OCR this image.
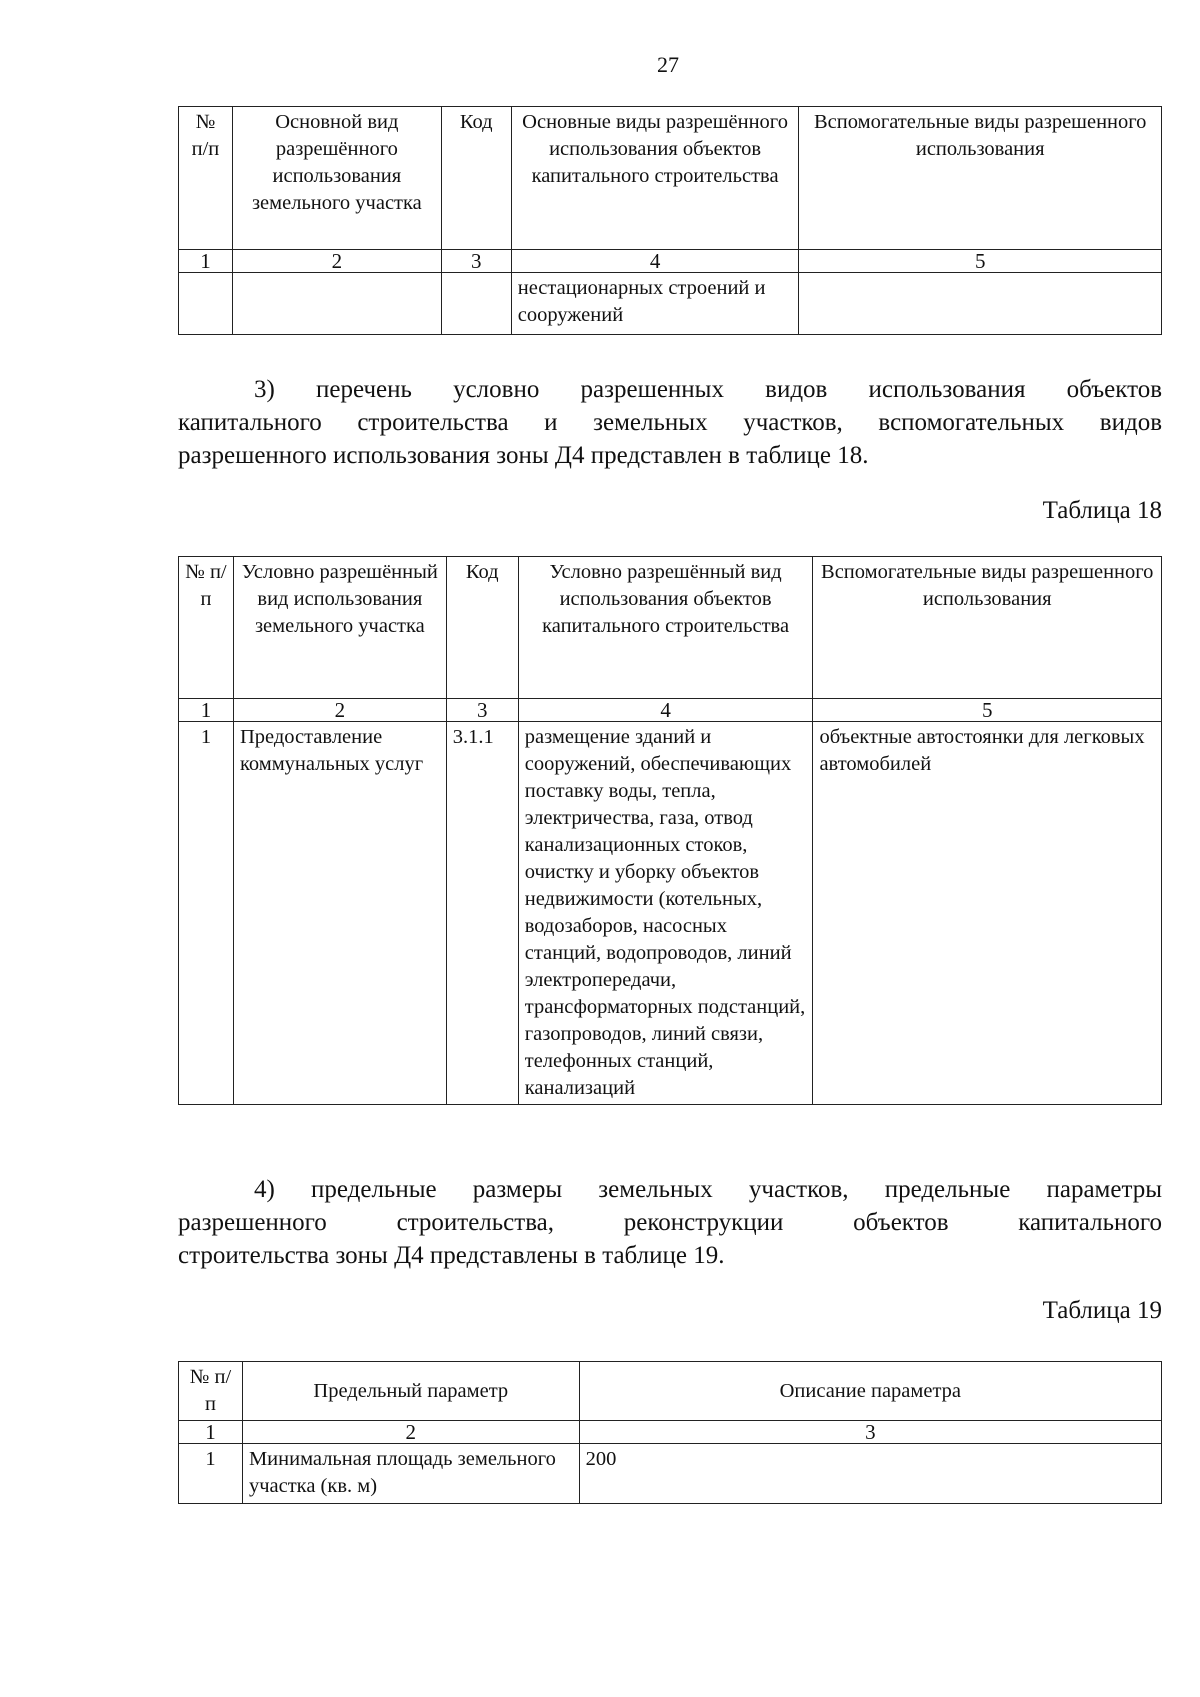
27
№ п/п	Основной вид разрешённого использования земельного участка	Код	Основные виды разрешённого использования объектов капитального строительства	Вспомогательные виды разрешенного использования
1	2	3	4	5
			нестационарных строений и сооружений	
3) перечень условно разрешенных видов использования объектов
капитального строительства и земельных участков, вспомогательных видов
разрешенного использования зоны Д4 представлен в таблице 18.
Таблица 18
№ п/п	Условно разрешённый вид использования земельного участка	Код	Условно разрешённый вид использования объектов капитального строительства	Вспомогательные виды разрешенного использования
1	2	3	4	5
1	Предоставление коммунальных услуг	3.1.1	размещение зданий и сооружений, обеспечивающих поставку воды, тепла, электричества, газа, отвод канализационных стоков, очистку и уборку объектов недвижимости (котельных, водозаборов, насосных станций, водопроводов, линий электропередачи, трансформаторных подстанций, газопроводов, линий связи, телефонных станций, канализаций	объектные автостоянки для легковых автомобилей
4) предельные размеры земельных участков, предельные параметры
разрешенного строительства, реконструкции объектов капитального
строительства зоны Д4 представлены в таблице 19.
Таблица 19
№ п/п	Предельный параметр	Описание параметра
1	2	3
1	Минимальная площадь земельного участка (кв. м)	200
